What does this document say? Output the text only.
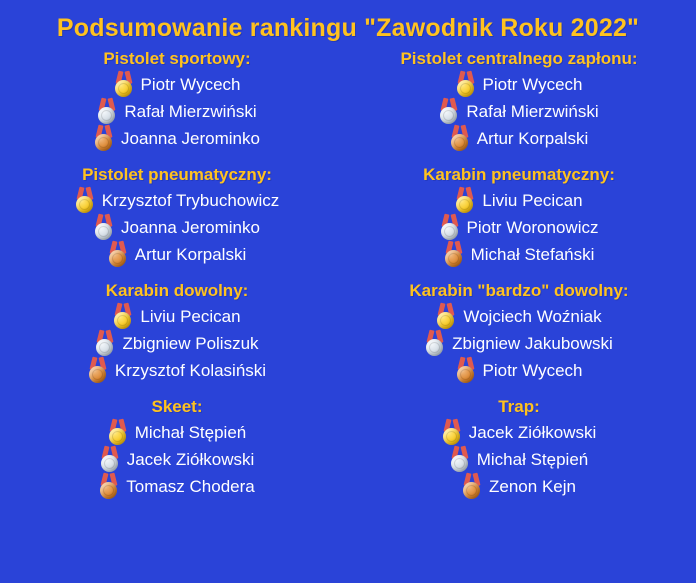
Podsumowanie rankingu "Zawodnik Roku 2022"
Pistolet sportowy:
Piotr Wycech
Rafał Mierzwiński
Joanna Jerominko
Pistolet centralnego zapłonu:
Piotr Wycech
Rafał Mierzwiński
Artur Korpalski
Pistolet pneumatyczny:
Krzysztof Trybuchowicz
Joanna Jerominko
Artur Korpalski
Karabin pneumatyczny:
Liviu Pecican
Piotr Woronowicz
Michał Stefański
Karabin dowolny:
Liviu Pecican
Zbigniew Poliszuk
Krzysztof Kolasiński
Karabin "bardzo" dowolny:
Wojciech Woźniak
Zbigniew Jakubowski
Piotr Wycech
Skeet:
Michał Stępień
Jacek Ziółkowski
Tomasz Chodera
Trap:
Jacek Ziółkowski
Michał Stępień
Zenon Kejn
